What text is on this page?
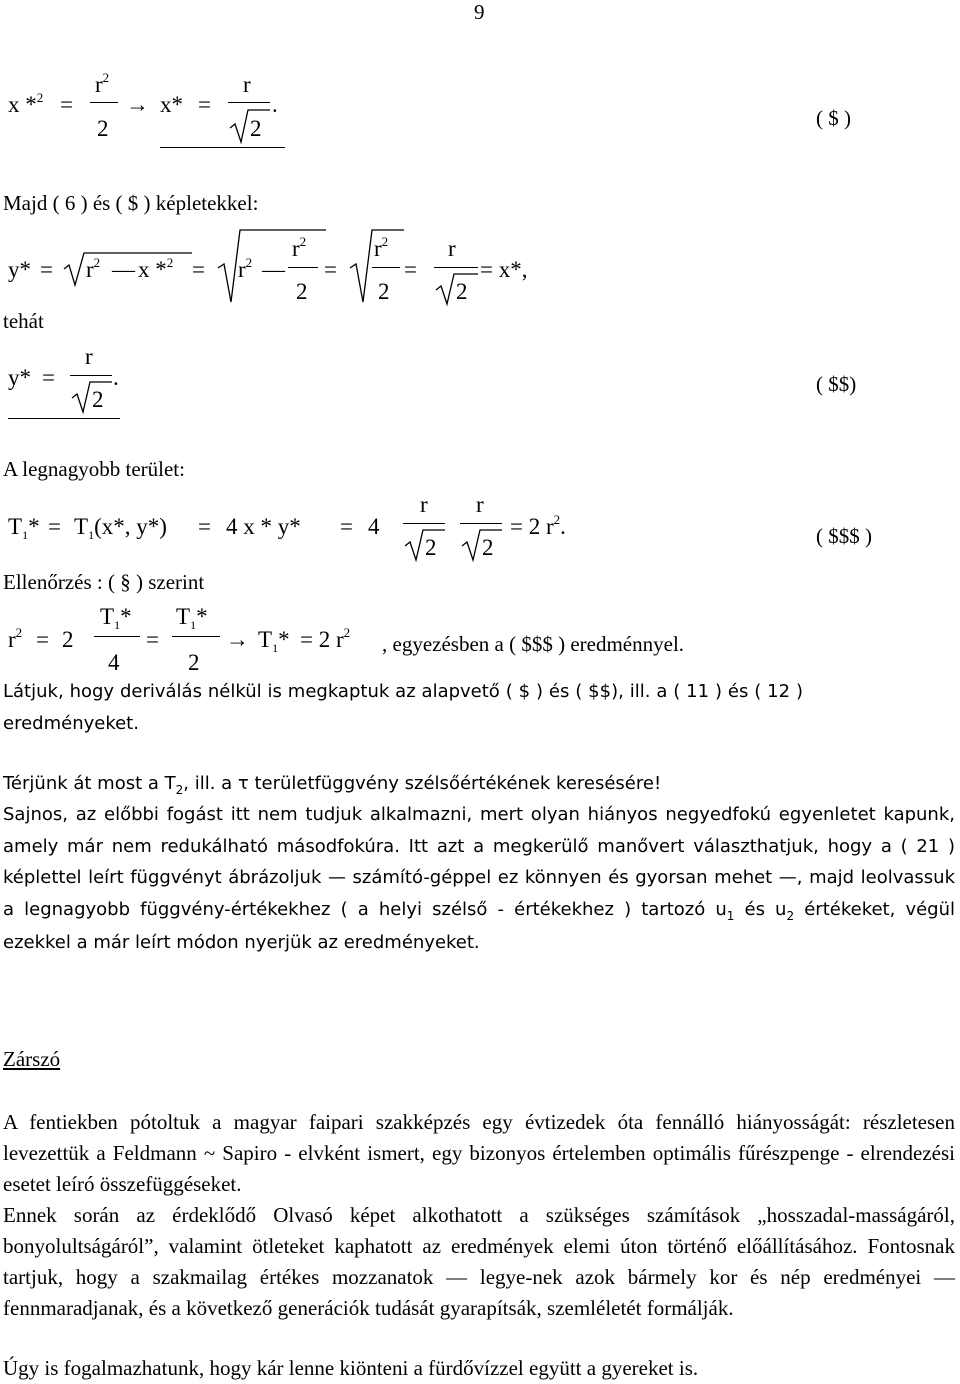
9
x *$^2$ =
$r^2$
2
→ x* =
r
2
.
( $ )
Majd ( 6 ) és ( $ ) képletekkel:
$y* = r^2$ — x $*^2 = r^2$ —
$r^2$
2
=
$r^2$
2
=
r
2
= x*,
tehát
y* =
r
2
.	( $$)
A legnagyobb terület:
$T_1* = T_1(x*$, y*) = 4 x * y* = 4
r
2
r
2
= 2 $r^2$.	( $$$ )
Ellenőrzés : ( § ) szerint
$r^2 = 2$
$T_1*$
4
=
$T_1*$
2
→ $T_1* = 2$ $r^2$ , egyezésben a ( $$$ ) eredménnyel.
Látjuk, hogy deriválás nélkül is megkaptuk az alapvető ( $ ) és ( $$), ill. a ( 11 ) és ( 12 ) eredményeket.
Térjünk át most a $T_2$, ill. a τ területfüggvény szélsőértékének keresésére!
Sajnos, az előbbi fogást itt nem tudjuk alkalmazni, mert olyan hiányos negyedfokú egyenletet kapunk, amely már nem redukálható másodfokúra. Itt azt a megkerülő manővert választhatjuk, hogy a ( 21 ) képlettel leírt függvényt ábrázoljuk — számító-géppel ez könnyen és gyorsan mehet —, majd leolvassuk a legnagyobb függvény-értékekhez ( a helyi szélső - értékekhez ) tartozó $u_1$ és $u_2$ értékeket, végül ezekkel a már leírt módon nyerjük az eredményeket.
Zárszó
A fentiekben pótoltuk a magyar faipari szakképzés egy évtizedek óta fennálló hiányosságát: részletesen levezettük a Feldmann ~ Sapiro - elvként ismert, egy bizonyos értelemben optimális fűrészpenge - elrendezési esetet leíró összefüggéseket.
Ennek során az érdeklődő Olvasó képet alkothatott a szükséges számítások „hosszadal-masságáról, bonyolultságáról”, valamint ötleteket kaphatott az eredmények elemi úton történő előállításához. Fontosnak tartjuk, hogy a szakmailag értékes mozzanatok — legye-nek azok bármely kor és nép eredményei — fennmaradjanak, és a következő generációk tudását gyarapítsák, szemléletét formálják.
Úgy is fogalmazhatunk, hogy kár lenne kiönteni a fürdővízzel együtt a gyereket is.
